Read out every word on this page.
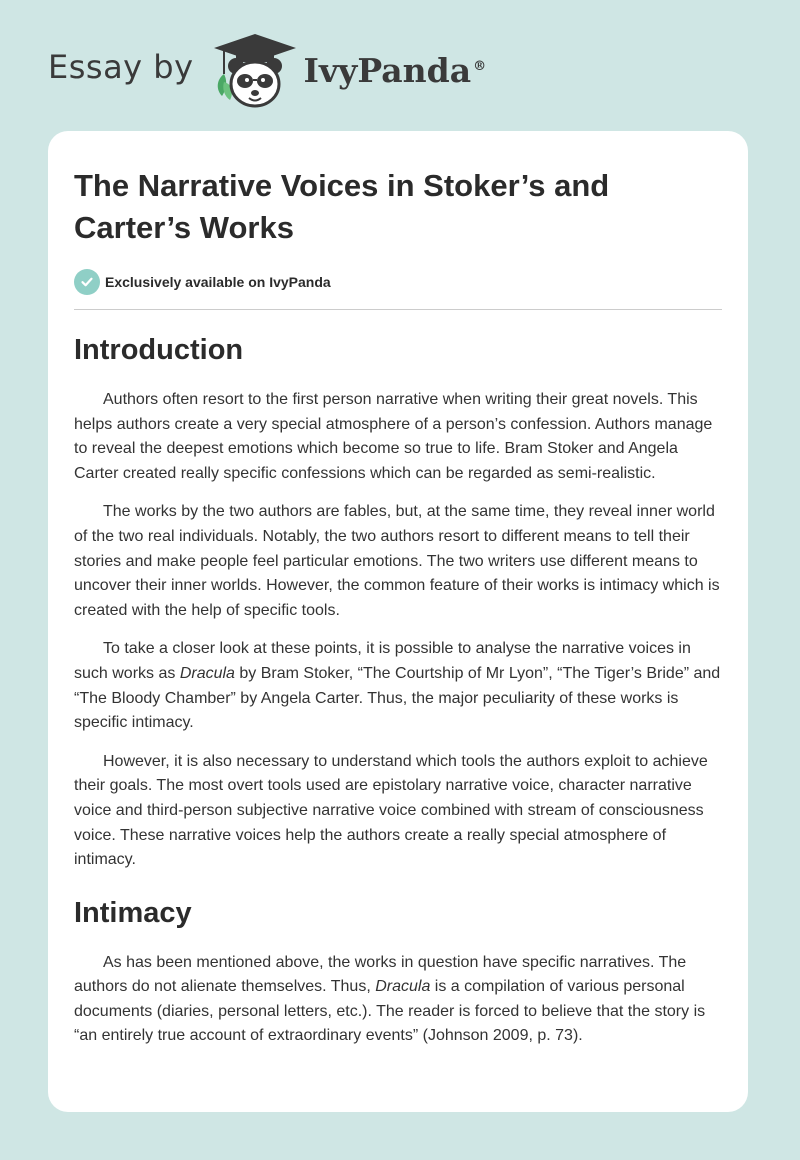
Essay by	IvyPanda ®
The Narrative Voices in Stoker’s and Carter’s Works
Exclusively available on IvyPanda
Introduction

Authors often resort to the first person narrative when writing their great novels. This helps authors create a very special atmosphere of a person’s confession. Authors manage to reveal the deepest emotions which become so true to life. Bram Stoker and Angela Carter created really specific confessions which can be regarded as semi-realistic.

The works by the two authors are fables, but, at the same time, they reveal inner world of the two real individuals. Notably, the two authors resort to different means to tell their stories and make people feel particular emotions. The two writers use different means to uncover their inner worlds. However, the common feature of their works is intimacy which is created with the help of specific tools.

To take a closer look at these points, it is possible to analyse the narrative voices in such works as Dracula by Bram Stoker, “The Courtship of Mr Lyon”, “The Tiger’s Bride” and “The Bloody Chamber” by Angela Carter. Thus, the major peculiarity of these works is specific intimacy.

However, it is also necessary to understand which tools the authors exploit to achieve their goals. The most overt tools used are epistolary narrative voice, character narrative voice and third-person subjective narrative voice combined with stream of consciousness voice. These narrative voices help the authors create a really special atmosphere of intimacy.

Intimacy

As has been mentioned above, the works in question have specific narratives. The authors do not alienate themselves. Thus, Dracula is a compilation of various personal documents (diaries, personal letters, etc.). The reader is forced to believe that the story is “an entirely true account of extraordinary events” (Johnson 2009, p. 73).
